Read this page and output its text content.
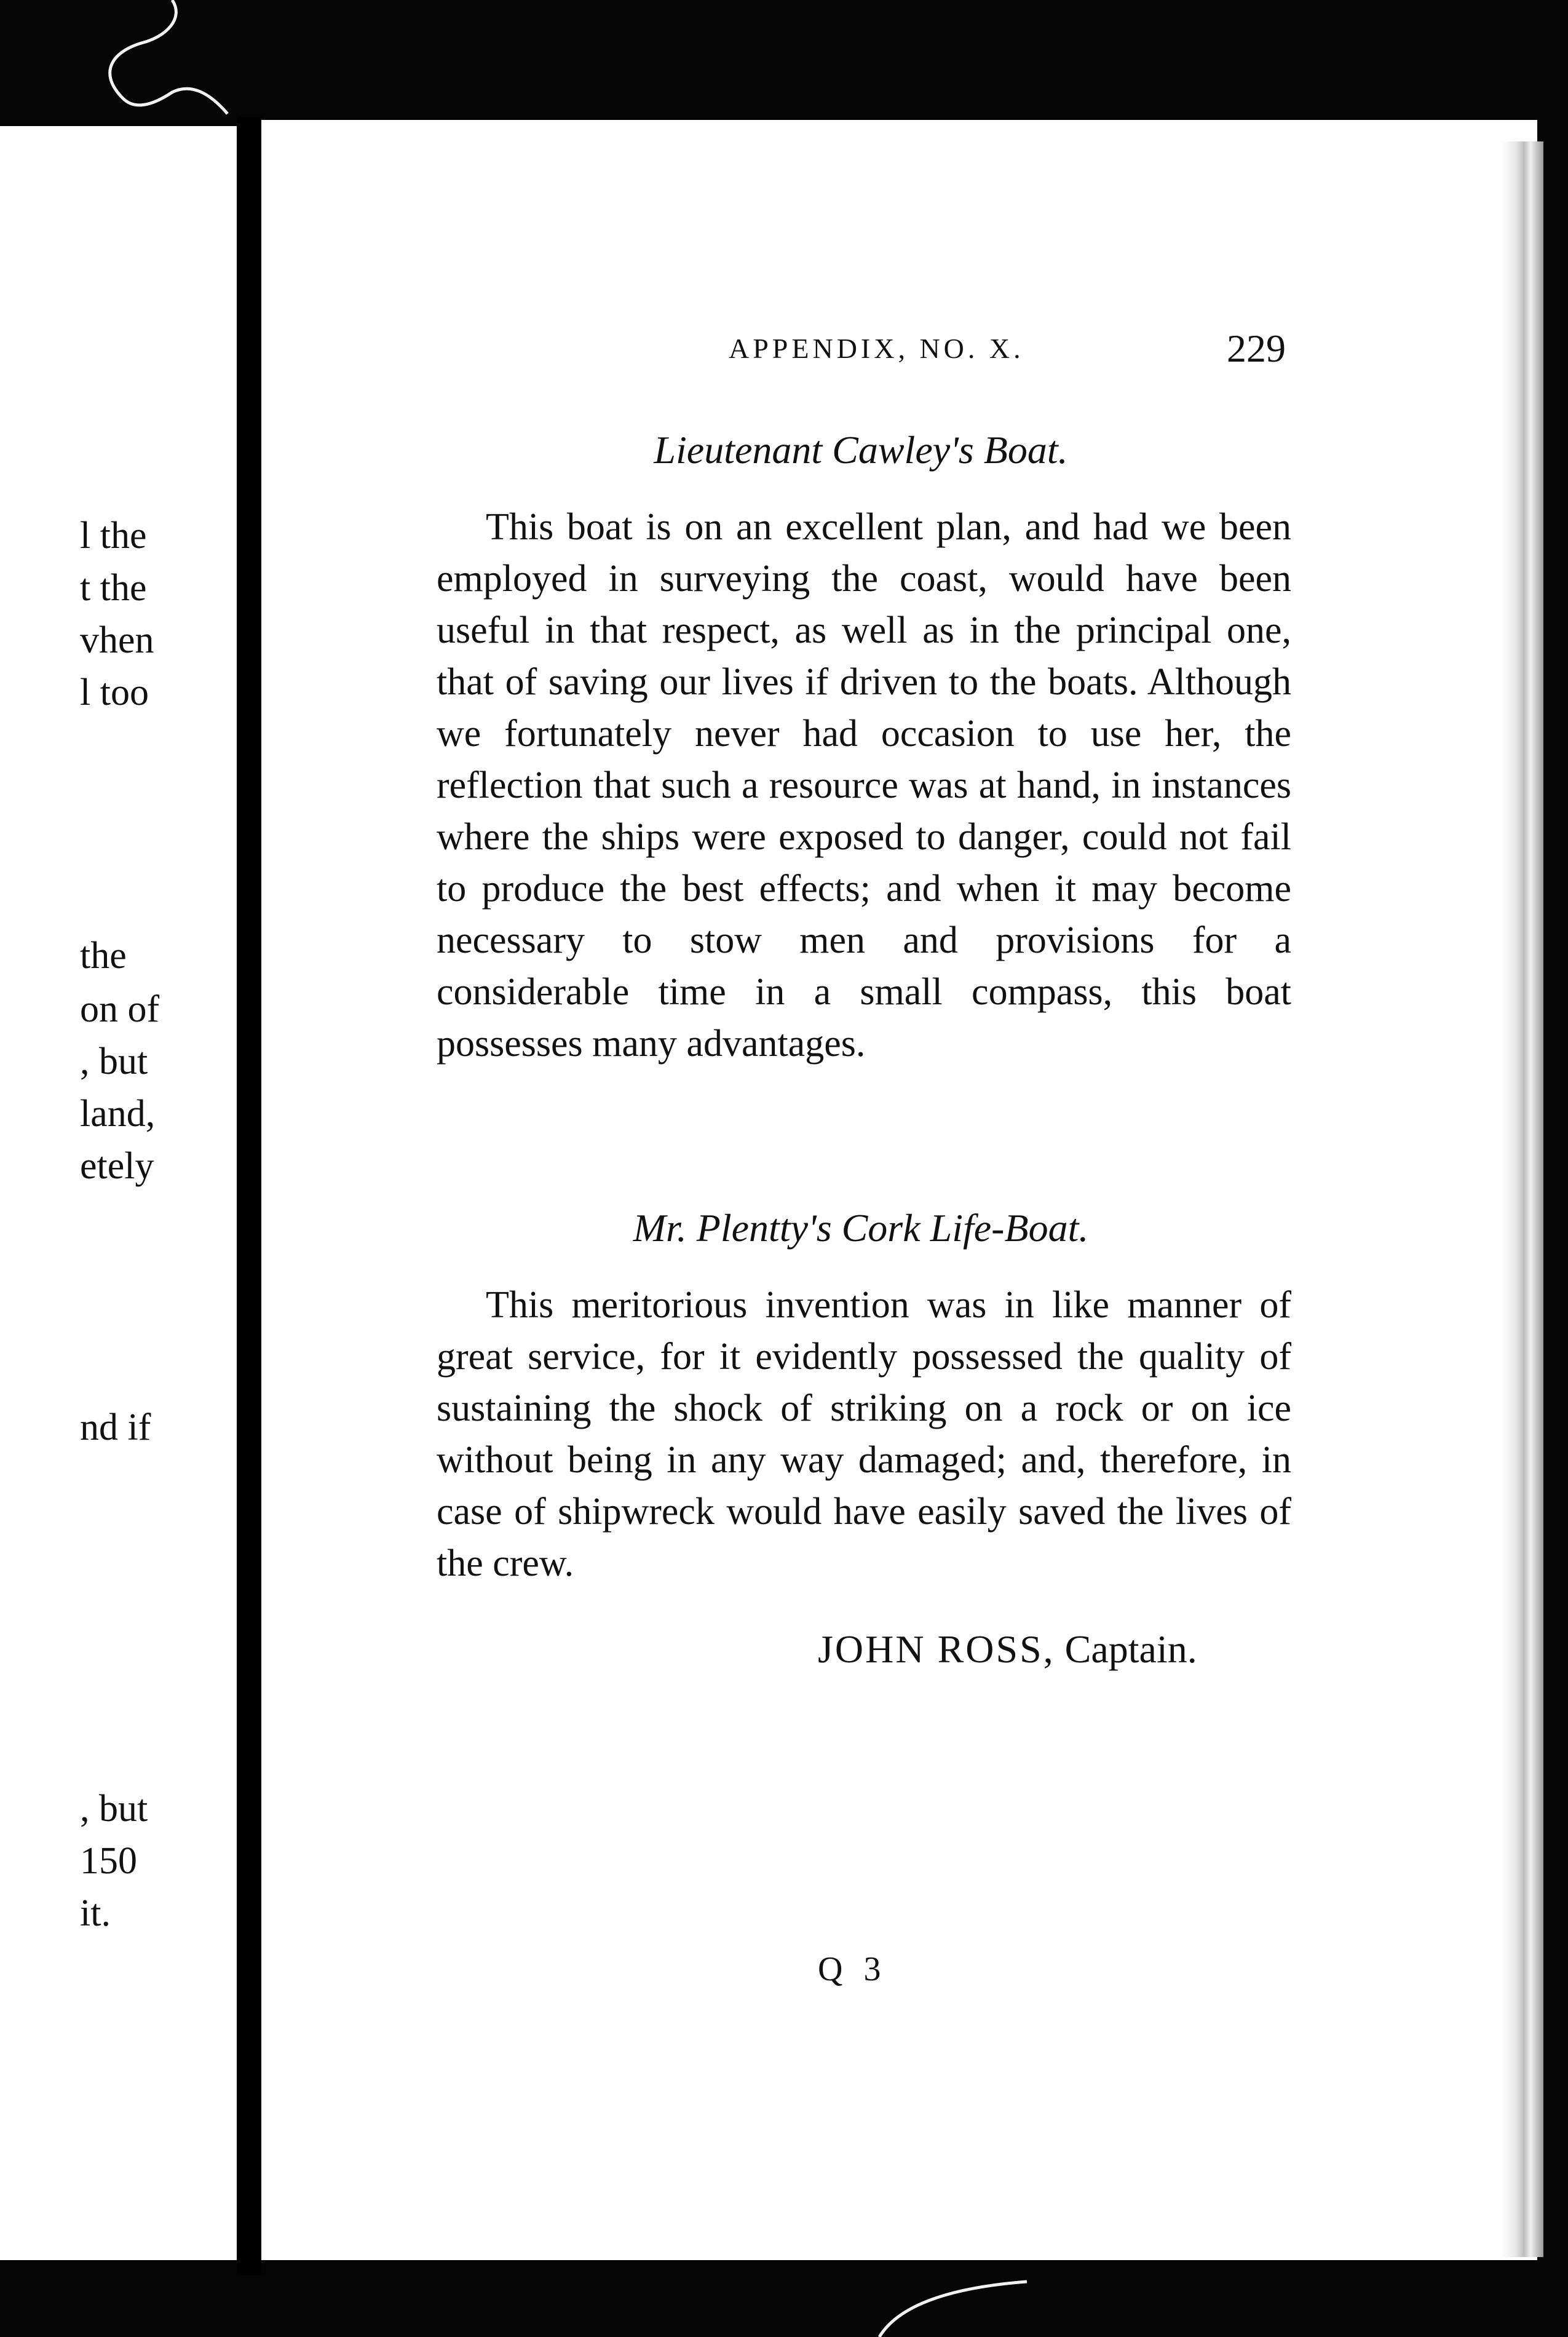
l the
t the
vhen
l too
the
on of
, but
land,
etely
nd if
, but
150
it.
APPENDIX, NO. X.	229
Lieutenant Cawley's Boat.

This boat is on an excellent plan, and had we been employed in surveying the coast, would have been useful in that respect, as well as in the principal one, that of saving our lives if driven to the boats. Although we fortunately never had occasion to use her, the reflection that such a resource was at hand, in instances where the ships were exposed to danger, could not fail to produce the best effects; and when it may become necessary to stow men and provisions for a considerable time in a small compass, this boat possesses many advantages.

Mr. Plentty's Cork Life-Boat.

This meritorious invention was in like manner of great service, for it evidently possessed the quality of sustaining the shock of striking on a rock or on ice without being in any way damaged; and, therefore, in case of shipwreck would have easily saved the lives of the crew.

JOHN ROSS, Captain.
Q 3
